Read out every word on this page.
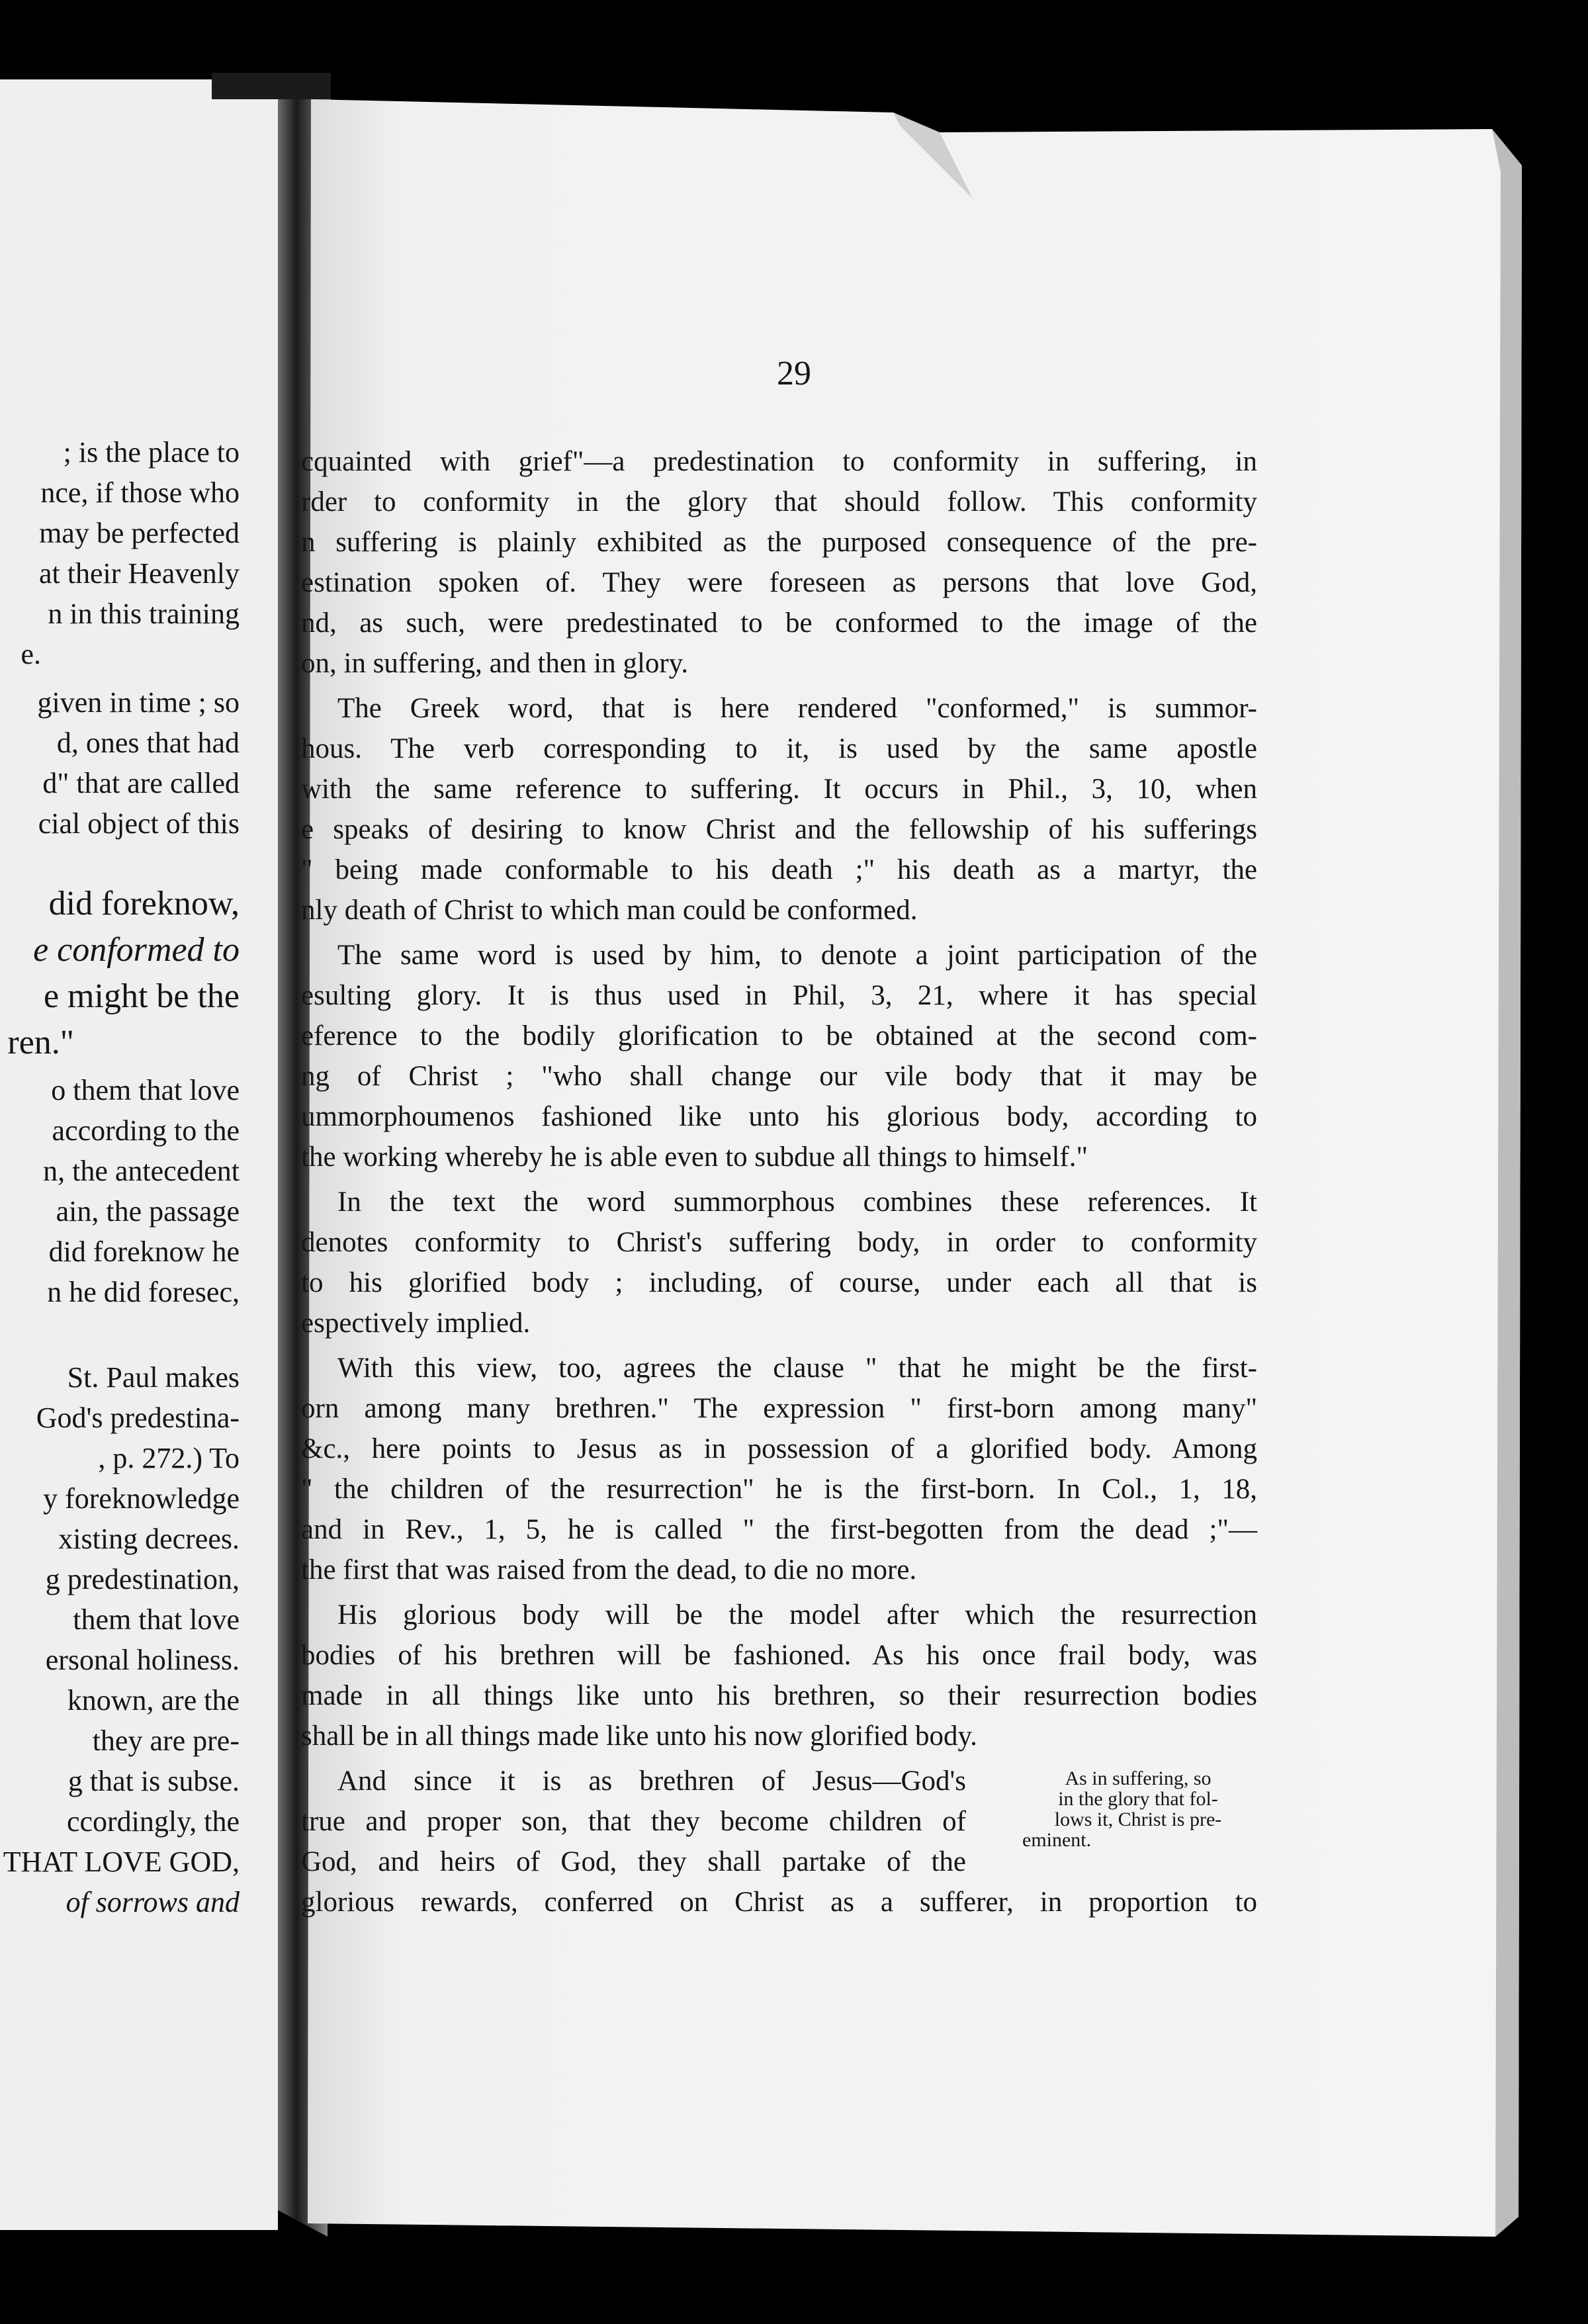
; is the place to
nce, if those who
may be perfected
at their Heavenly
n in this training
e.
given in time ; so
d, ones that had
d" that are called
cial object of this
did foreknow,
e conformed to
e might be the
ren."
o them that love
according to the
n, the antecedent
ain, the passage
did foreknow he
n he did foresec,
St. Paul makes
God's predestina-
, p. 272.) To
y foreknowledge
xisting decrees.
g predestination,
them that love
ersonal holiness.
known, are the
they are pre-
g that is subse.
ccordingly, the
THAT LOVE GOD,
of sorrows and
29
cquainted with grief"—a predestination to conformity in suffering, in
rder to conformity in the glory that should follow. This conformity
n suffering is plainly exhibited as the purposed consequence of the pre-
estination spoken of. They were foreseen as persons that love God,
nd, as such, were predestinated to be conformed to the image of the
on, in suffering, and then in glory.
The Greek word, that is here rendered "conformed," is summor-
hous. The verb corresponding to it, is used by the same apostle
with the same reference to suffering. It occurs in Phil., 3, 10, when
e speaks of desiring to know Christ and the fellowship of his sufferings
" being made conformable to his death ;" his death as a martyr, the
nly death of Christ to which man could be conformed.
The same word is used by him, to denote a joint participation of the
esulting glory. It is thus used in Phil, 3, 21, where it has special
eference to the bodily glorification to be obtained at the second com-
ng of Christ ; "who shall change our vile body that it may be
ummorphoumenos fashioned like unto his glorious body, according to
the working whereby he is able even to subdue all things to himself."
In the text the word summorphous combines these references. It
denotes conformity to Christ's suffering body, in order to conformity
to his glorified body ; including, of course, under each all that is
espectively implied.
With this view, too, agrees the clause " that he might be the first-
orn among many brethren." The expression " first-born among many"
&c., here points to Jesus as in possession of a glorified body. Among
" the children of the resurrection" he is the first-born. In Col., 1, 18,
and in Rev., 1, 5, he is called " the first-begotten from the dead ;"—
the first that was raised from the dead, to die no more.
His glorious body will be the model after which the resurrection
bodies of his brethren will be fashioned. As his once frail body, was
made in all things like unto his brethren, so their resurrection bodies
shall be in all things made like unto his now glorified body.
And since it is as brethren of Jesus—God's
true and proper son, that they become children of
God, and heirs of God, they shall partake of the
glorious rewards, conferred on Christ as a sufferer, in proportion to
As in suffering, so
in the glory that fol-
lows it, Christ is pre-
eminent.
